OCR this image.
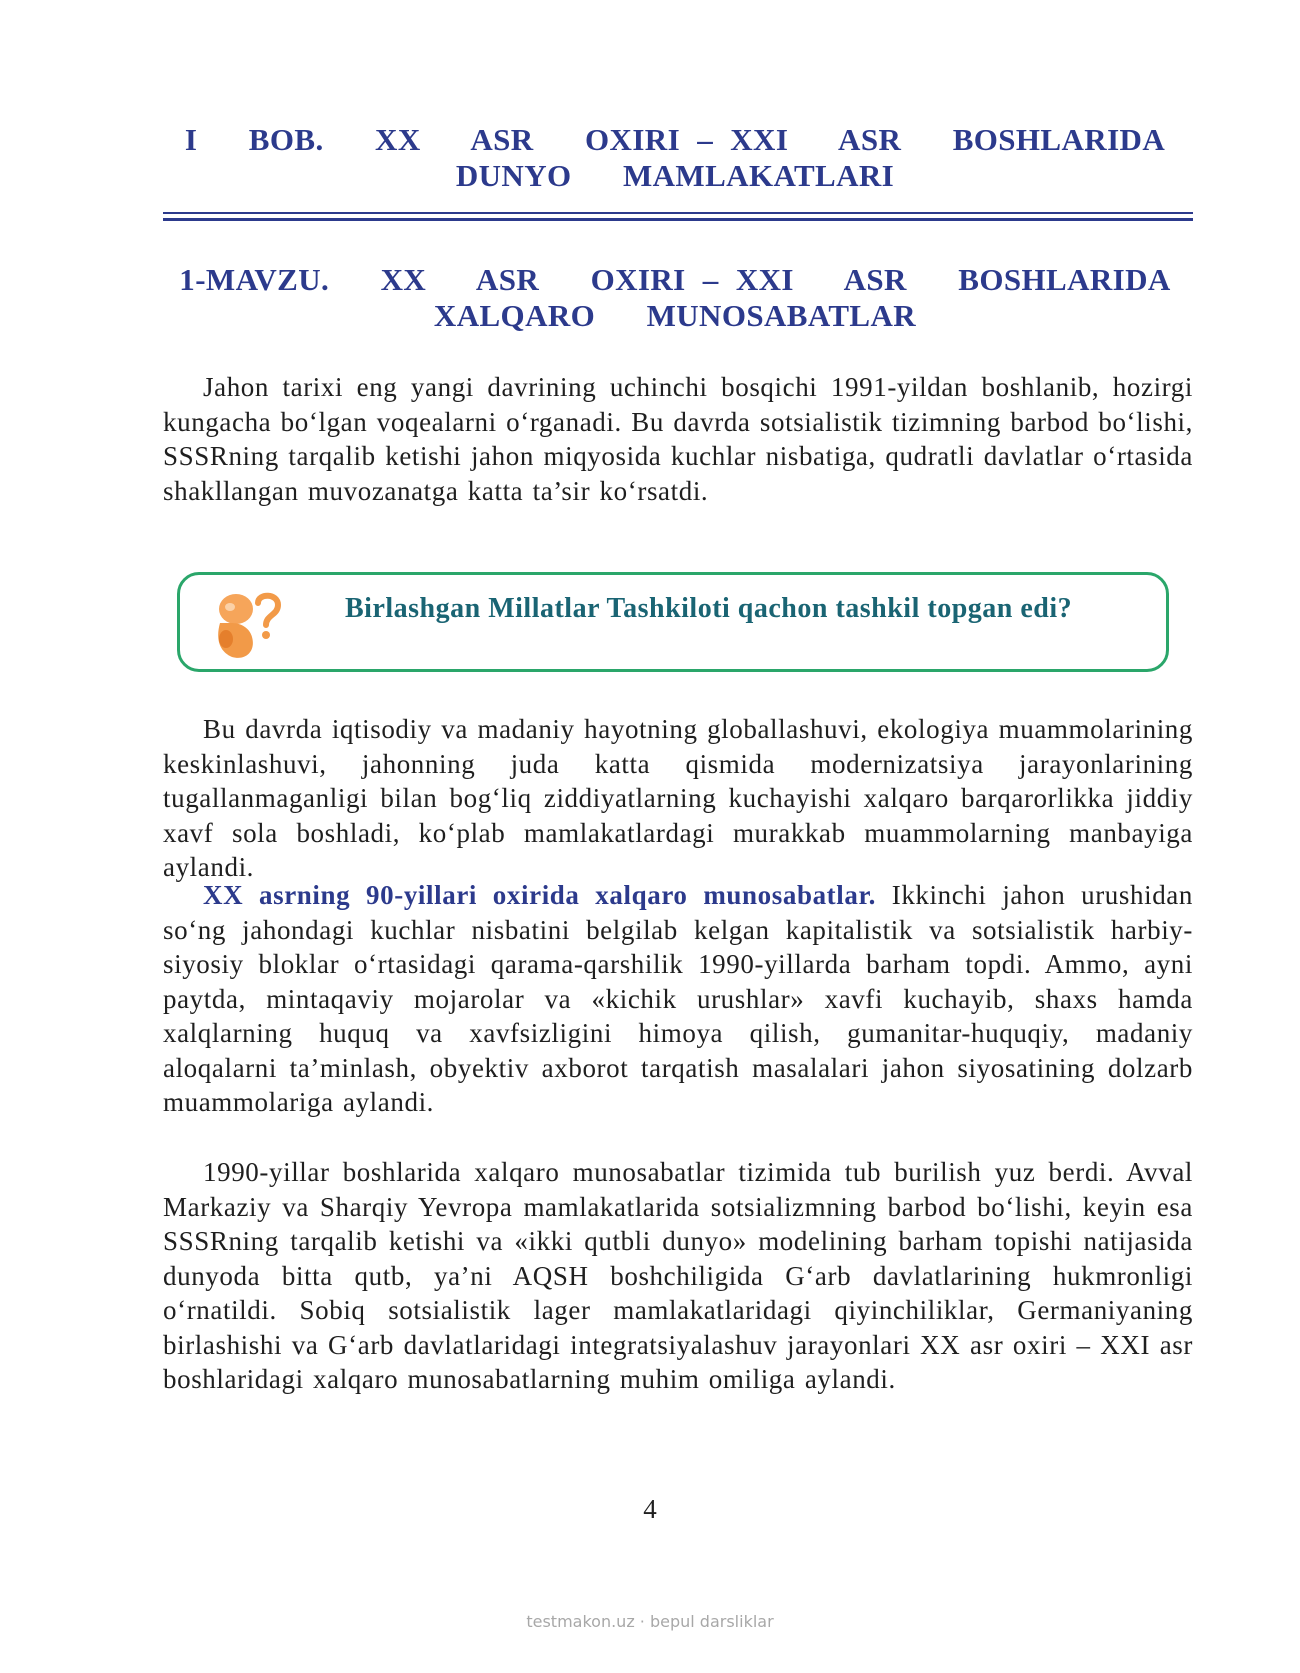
I   BOB.   XX   ASR   OXIRI – XXI   ASR   BOSHLARIDA
DUNYO   MAMLAKATLARI
1-MAVZU.   XX   ASR   OXIRI – XXI   ASR   BOSHLARIDA
XALQARO   MUNOSABATLAR

Jahon tarixi eng yangi davrining uchinchi bosqichi 1991-yildan boshlanib, hozirgi kungacha bo‘lgan voqealarni o‘rganadi. Bu davrda sotsialistik tizimning barbod bo‘lishi, SSSRning tarqalib ketishi jahon miqyosida kuchlar nisbatiga, qudratli davlatlar o‘rtasida shakllangan muvozanatga katta ta’sir ko‘rsatdi.

Birlashgan Millatlar Tashkiloti qachon tashkil topgan edi?

Bu davrda iqtisodiy va madaniy hayotning globallashuvi, ekologiya muammolarining keskinlashuvi, jahonning juda katta qismida modernizatsiya jarayonlarining tugallanmaganligi bilan bog‘liq ziddiyatlarning kuchayishi xalqaro barqarorlikka jiddiy xavf sola boshladi, ko‘plab mamlakatlardagi murakkab muammolarning manbayiga aylandi.

XX asrning 90-yillari oxirida xalqaro munosabatlar. Ikkinchi jahon urushidan so‘ng jahondagi kuchlar nisbatini belgilab kelgan kapitalistik va sotsialistik harbiy-siyosiy bloklar o‘rtasidagi qarama-qarshilik 1990-yillarda barham topdi. Ammo, ayni paytda, mintaqaviy mojarolar va «kichik urushlar» xavfi kuchayib, shaxs hamda xalqlarning huquq va xavfsizligini himoya qilish, gumanitar-huquqiy, madaniy aloqalarni ta’minlash, obyektiv axborot tarqatish masalalari jahon siyosatining dolzarb muammolariga aylandi.

1990-yillar boshlarida xalqaro munosabatlar tizimida tub burilish yuz berdi. Avval Markaziy va Sharqiy Yevropa mamlakatlarida sotsializmning barbod bo‘lishi, keyin esa SSSRning tarqalib ketishi va «ikki qutbli dunyo» modelining barham topishi natijasida dunyoda bitta qutb, ya’ni AQSH boshchiligida G‘arb davlatlarining hukmronligi o‘rnatildi. Sobiq sotsialistik lager mamlakatlaridagi qiyinchiliklar, Germaniyaning birlashishi va G‘arb davlatlaridagi integratsiyalashuv jarayonlari XX asr oxiri – XXI asr boshlaridagi xalqaro munosabatlarning muhim omiliga aylandi.

4
testmakon.uz · bepul darsliklar
